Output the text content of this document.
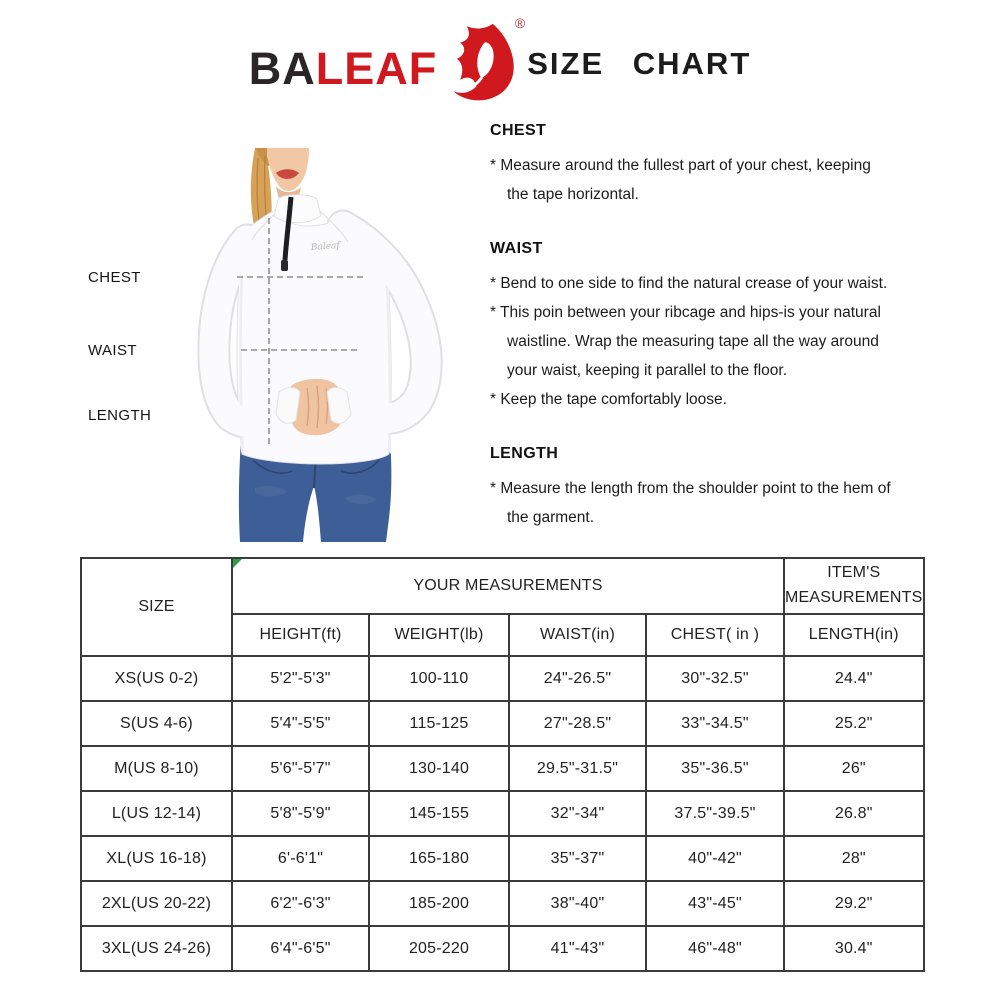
BA LEAF
®
SIZE CHART
CHEST
WAIST
LENGTH
Baleaf
CHEST
* Measure around the fullest part of your chest, keeping
the tape horizontal.
WAIST
* Bend to one side to find the natural crease of your waist.
* This poin between your ribcage and hips-is your natural
waistline. Wrap the measuring tape all the way around
your waist, keeping it parallel to the floor.
* Keep the tape comfortably loose.
LENGTH
* Measure the length from the shoulder point to the hem of
the garment.
SIZE	YOUR MEASUREMENTS				ITEM'S MEASUREMENTS
	HEIGHT(ft)	WEIGHT(lb)	WAIST(in)	CHEST( in )	LENGTH(in)
XS(US 0-2)	5'2"-5'3"	100-110	24"-26.5"	30"-32.5"	24.4"
S(US 4-6)	5'4"-5'5"	115-125	27"-28.5"	33"-34.5"	25.2"
M(US 8-10)	5'6"-5'7"	130-140	29.5"-31.5"	35"-36.5"	26"
L(US 12-14)	5'8"-5'9"	145-155	32"-34"	37.5"-39.5"	26.8"
XL(US 16-18)	6'-6'1"	165-180	35"-37"	40"-42"	28"
2XL(US 20-22)	6'2"-6'3"	185-200	38"-40"	43"-45"	29.2"
3XL(US 24-26)	6'4"-6'5"	205-220	41"-43"	46"-48"	30.4"
